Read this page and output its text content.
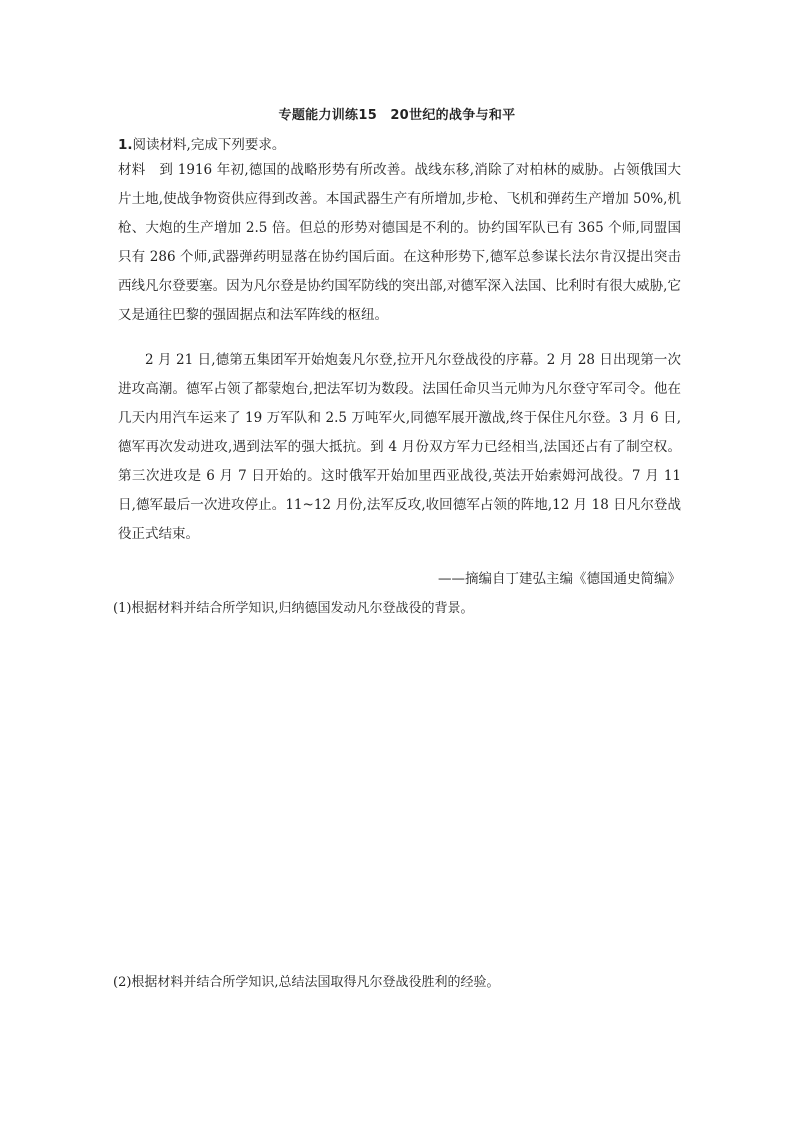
专题能力训练15　20世纪的战争与和平
1.阅读材料,完成下列要求。

材料　到 1916 年初,德国的战略形势有所改善。战线东移,消除了对柏林的威胁。占领俄国大片土地,使战争物资供应得到改善。本国武器生产有所增加,步枪、飞机和弹药生产增加 50%,机枪、大炮的生产增加 2.5 倍。但总的形势对德国是不利的。协约国军队已有 365 个师,同盟国只有 286 个师,武器弹药明显落在协约国后面。在这种形势下,德军总参谋长法尔肯汉提出突击西线凡尔登要塞。因为凡尔登是协约国军防线的突出部,对德军深入法国、比利时有很大威胁,它又是通往巴黎的强固据点和法军阵线的枢纽。

2 月 21 日,德第五集团军开始炮轰凡尔登,拉开凡尔登战役的序幕。2 月 28 日出现第一次进攻高潮。德军占领了都蒙炮台,把法军切为数段。法国任命贝当元帅为凡尔登守军司令。他在几天内用汽车运来了 19 万军队和 2.5 万吨军火,同德军展开激战,终于保住凡尔登。3 月 6 日,德军再次发动进攻,遇到法军的强大抵抗。到 4 月份双方军力已经相当,法国还占有了制空权。第三次进攻是 6 月 7 日开始的。这时俄军开始加里西亚战役,英法开始索姆河战役。7 月 11 日,德军最后一次进攻停止。11~12 月份,法军反攻,收回德军占领的阵地,12 月 18 日凡尔登战役正式结束。

——摘编自丁建弘主编《德国通史简编》
(1)根据材料并结合所学知识,归纳德国发动凡尔登战役的背景。
(2)根据材料并结合所学知识,总结法国取得凡尔登战役胜利的经验。
